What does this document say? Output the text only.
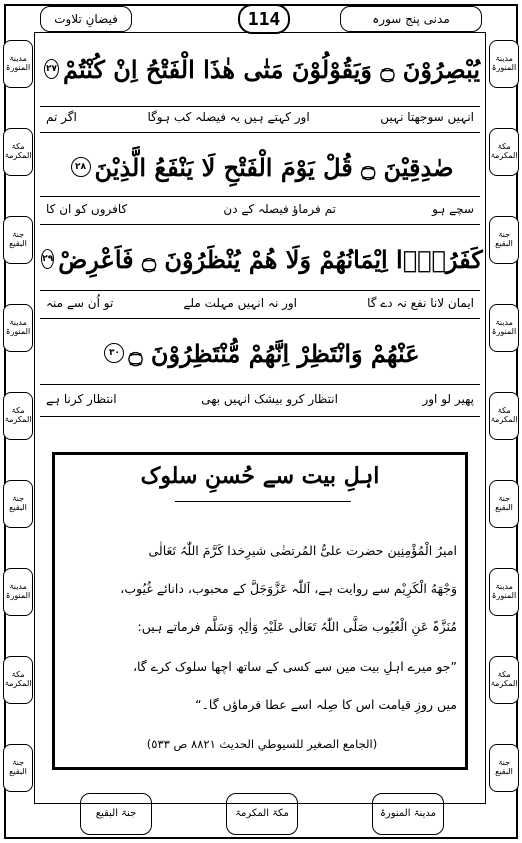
مدنی پنج سورہ
114
فیضانِ تلاوت
مدینۃ المنورۃ
مکۃ المکرمۃ
جنۃ البقیع
مدینۃ المنورۃ
مکۃ المکرمۃ
جنۃ البقیع
مدینۃ المنورۃ
مکۃ المکرمۃ
جنۃ البقیع
مدینۃ المنورۃ
مکۃ المکرمۃ
جنۃ البقیع
مدینۃ المنورۃ
مکۃ المکرمۃ
جنۃ البقیع
مدینۃ المنورۃ
مکۃ المکرمۃ
جنۃ البقیع
يُبْصِرُوْنَ ۝ وَيَقُوْلُوْنَ مَتٰى هٰذَا الْفَتْحُ اِنْ كُنْتُمْ
٢٧
انہیں سوجھتا نہیں
اور کہتے ہیں یہ فیصلہ کب ہوگا
اگر تم
صٰدِقِيْنَ ۝ قُلْ يَوْمَ الْفَتْحِ لَا يَنْفَعُ الَّذِيْنَ
٢٨
سچے ہو
تم فرماؤ فیصلہ کے دن
کافروں کو ان کا
كَفَرُوْۤا اِيْمَانُهُمْ وَلَا هُمْ يُنْظَرُوْنَ ۝ فَاَعْرِضْ
٢٩
ایمان لانا نفع نہ دے گا
اور نہ انہیں مہلت ملے
تو اُن سے منہ
عَنْهُمْ وَانْتَظِرْ اِنَّهُمْ مُّنْتَظِرُوْنَ ۝
٣٠
پھیر لو اور
انتظار کرو بیشک انہیں بھی
انتظار کرنا ہے
اہلِ بیت سے حُسنِ سلوک
امیرُ الْمُؤْمِنِین حضرت علیُّ المُرتضٰی شیرِخدا کَرَّمَ اللّٰہُ تَعَالٰی
وَجْهَهُ الْكَرِيْم سے روایت ہے، اَللّٰہ عَزَّوَجَلَّ کے محبوب، دانائے غُیُوب،
مُنَزَّہٌ عَنِ الْعُیُوب صَلَّی اللّٰہُ تَعَالٰی عَلَیْہِ وَاٰلِہٖ وَسَلَّم فرماتے ہیں:
”جو میرے اہلِ بیت میں سے کسی کے ساتھ اچھا سلوک کرے گا،
میں روزِ قیامت اس کا صِلہ اسے عطا فرماؤں گا۔“
(الجامع الصغیر للسیوطي الحدیث ٨٨٢١ ص ٥٣٣)
جنۃ البقیع	مکۃ المکرمۃ	مدینۃ المنورۃ
